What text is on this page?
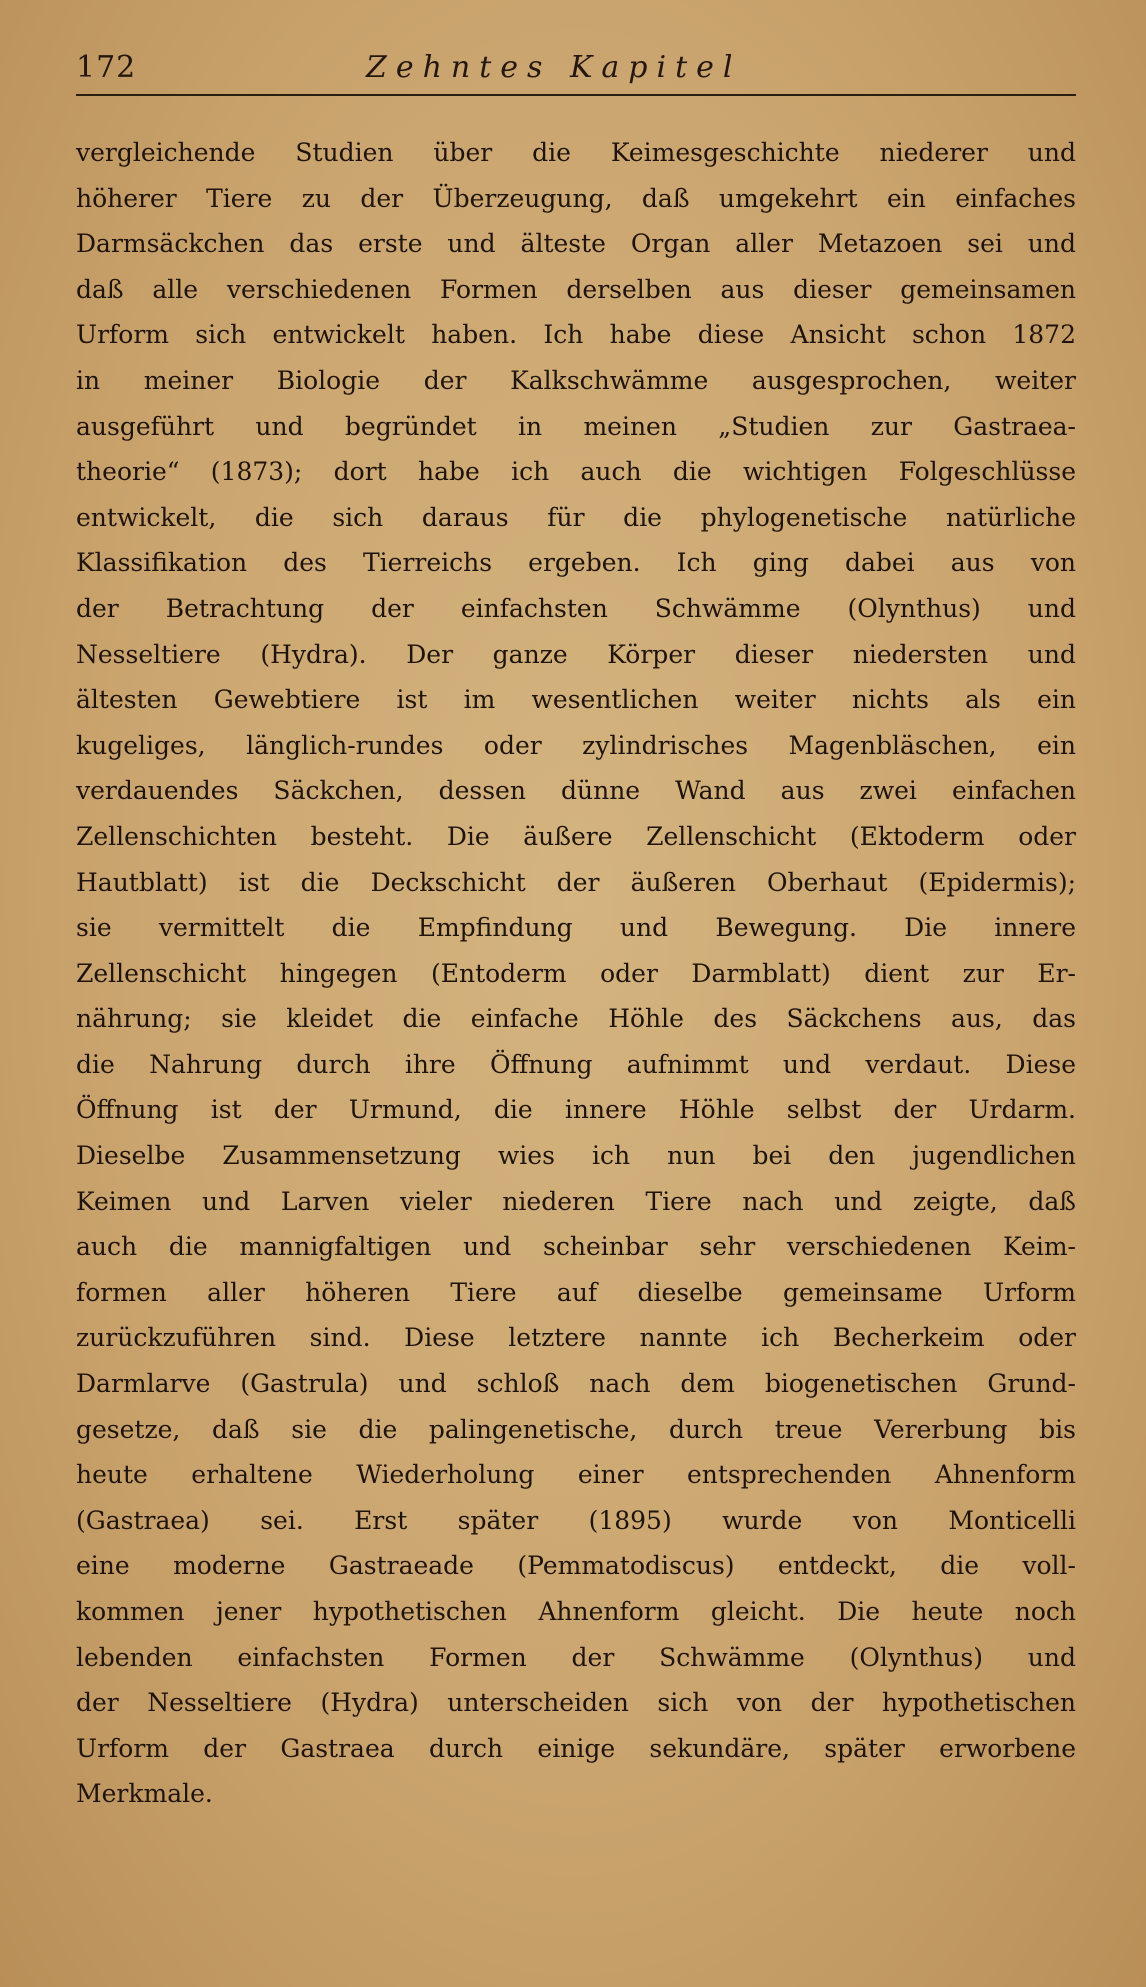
172	Zehntes Kapitel
vergleichende Studien über die Keimesgeschichte niederer und
höherer Tiere zu der Überzeugung, daß umgekehrt ein einfaches
Darmsäckchen das erste und älteste Organ aller Metazoen sei und
daß alle verschiedenen Formen derselben aus dieser gemeinsamen
Urform sich entwickelt haben. Ich habe diese Ansicht schon 1872
in meiner Biologie der Kalkschwämme ausgesprochen, weiter
ausgeführt und begründet in meinen „Studien zur Gastraea-
theorie“ (1873); dort habe ich auch die wichtigen Folgeschlüsse
entwickelt, die sich daraus für die phylogenetische natürliche
Klassifikation des Tierreichs ergeben. Ich ging dabei aus von
der Betrachtung der einfachsten Schwämme (Olynthus) und
Nesseltiere (Hydra). Der ganze Körper dieser niedersten und
ältesten Gewebtiere ist im wesentlichen weiter nichts als ein
kugeliges, länglich-rundes oder zylindrisches Magenbläschen, ein
verdauendes Säckchen, dessen dünne Wand aus zwei einfachen
Zellenschichten besteht. Die äußere Zellenschicht (Ektoderm oder
Hautblatt) ist die Deckschicht der äußeren Oberhaut (Epidermis);
sie vermittelt die Empfindung und Bewegung. Die innere
Zellenschicht hingegen (Entoderm oder Darmblatt) dient zur Er-
nährung; sie kleidet die einfache Höhle des Säckchens aus, das
die Nahrung durch ihre Öffnung aufnimmt und verdaut. Diese
Öffnung ist der Urmund, die innere Höhle selbst der Urdarm.
Dieselbe Zusammensetzung wies ich nun bei den jugendlichen
Keimen und Larven vieler niederen Tiere nach und zeigte, daß
auch die mannigfaltigen und scheinbar sehr verschiedenen Keim-
formen aller höheren Tiere auf dieselbe gemeinsame Urform
zurückzuführen sind. Diese letztere nannte ich Becherkeim oder
Darmlarve (Gastrula) und schloß nach dem biogenetischen Grund-
gesetze, daß sie die palingenetische, durch treue Vererbung bis
heute erhaltene Wiederholung einer entsprechenden Ahnenform
(Gastraea) sei. Erst später (1895) wurde von Monticelli
eine moderne Gastraeade (Pemmatodiscus) entdeckt, die voll-
kommen jener hypothetischen Ahnenform gleicht. Die heute noch
lebenden einfachsten Formen der Schwämme (Olynthus) und
der Nesseltiere (Hydra) unterscheiden sich von der hypothetischen
Urform der Gastraea durch einige sekundäre, später erworbene
Merkmale.
